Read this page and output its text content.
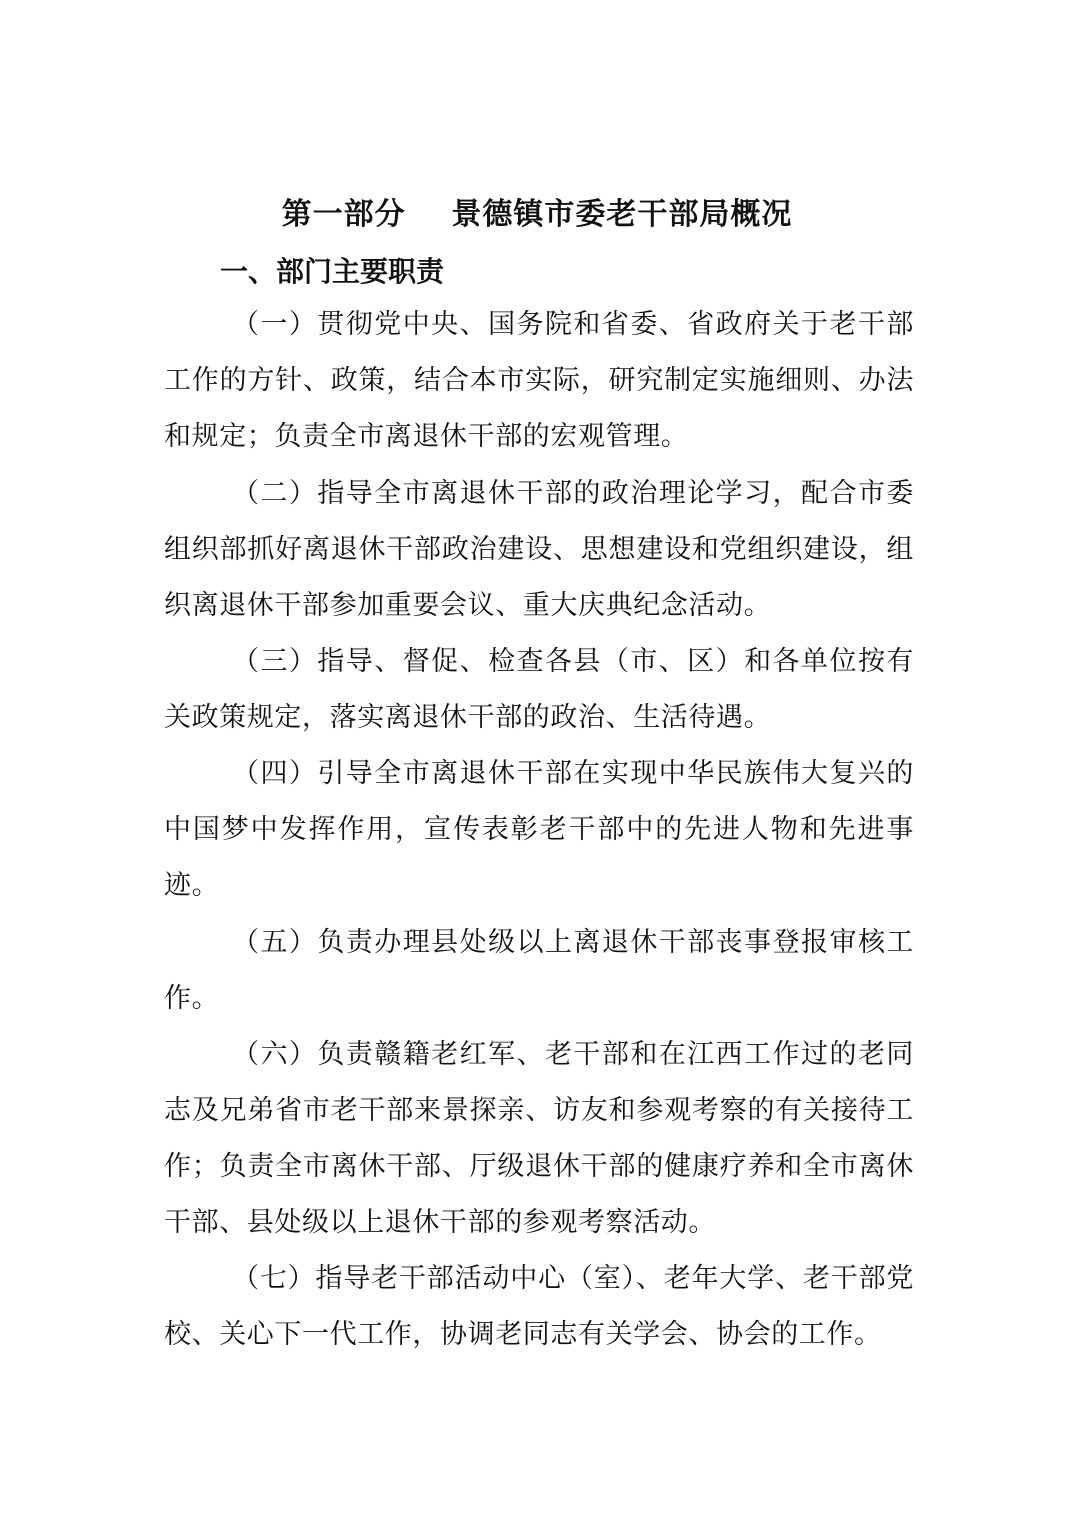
第一部分    景德镇市委老干部局概况
一、部门主要职责

（一）贯彻党中央、国务院和省委、省政府关于老干部工作的方针、政策，结合本市实际，研究制定实施细则、办法和规定；负责全市离退休干部的宏观管理。

（二）指导全市离退休干部的政治理论学习，配合市委组织部抓好离退休干部政治建设、思想建设和党组织建设，组织离退休干部参加重要会议、重大庆典纪念活动。

（三）指导、督促、检查各县（市、区）和各单位按有关政策规定，落实离退休干部的政治、生活待遇。

（四）引导全市离退休干部在实现中华民族伟大复兴的中国梦中发挥作用，宣传表彰老干部中的先进人物和先进事迹。

（五）负责办理县处级以上离退休干部丧事登报审核工作。

（六）负责赣籍老红军、老干部和在江西工作过的老同志及兄弟省市老干部来景探亲、访友和参观考察的有关接待工作；负责全市离休干部、厅级退休干部的健康疗养和全市离休干部、县处级以上退休干部的参观考察活动。

（七）指导老干部活动中心（室）、老年大学、老干部党校、关心下一代工作，协调老同志有关学会、协会的工作。
